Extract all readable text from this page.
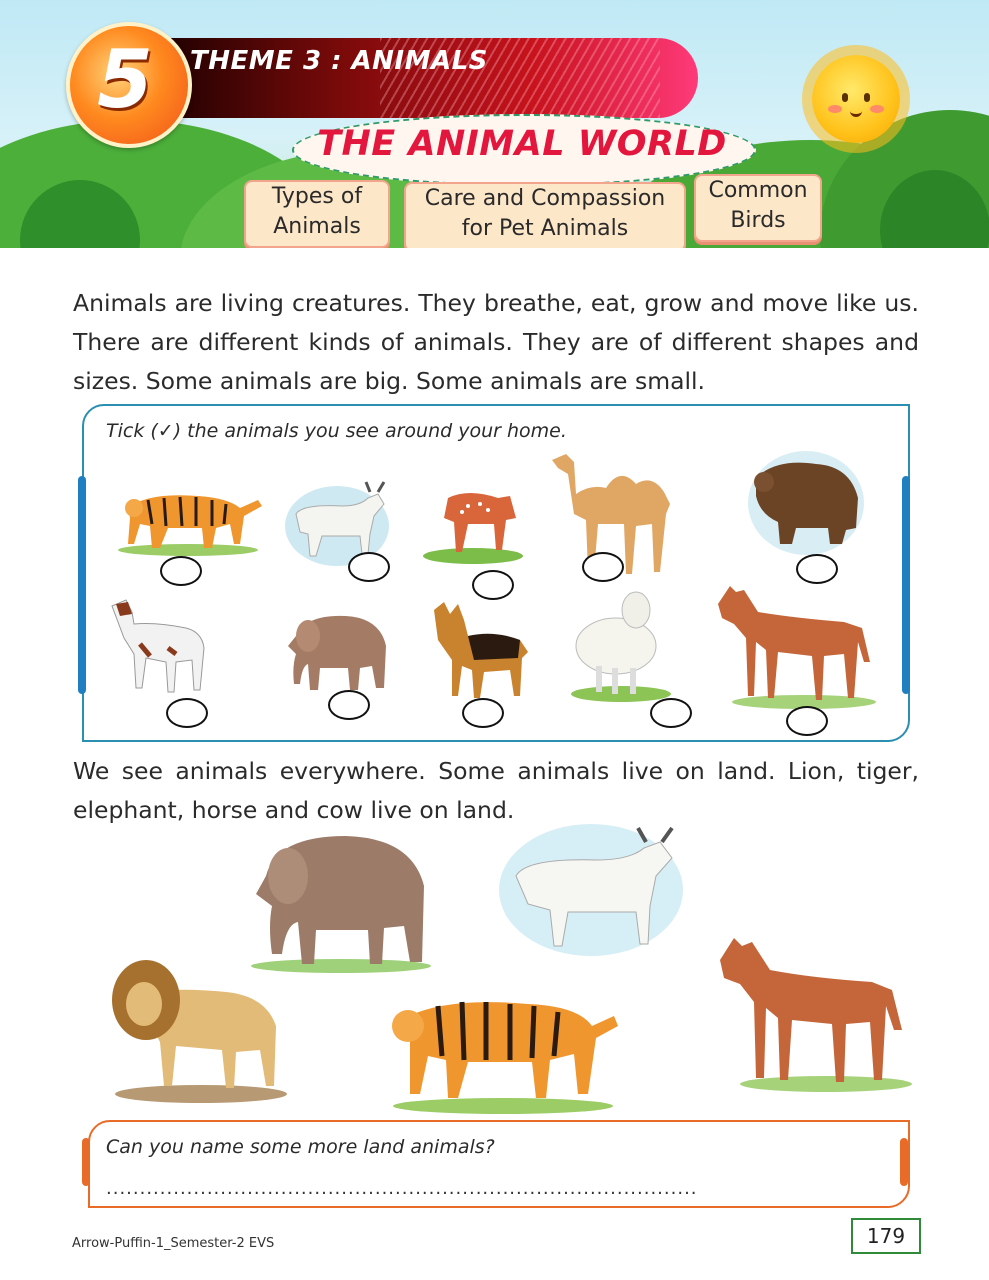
THEME 3 : ANIMALS
5
THE ANIMAL WORLD
Types of
Animals
Care and Compassion
for Pet Animals
Common
Birds
Animals are living creatures. They breathe, eat, grow and move like us. There are different kinds of animals. They are of different shapes and sizes. Some animals are big. Some animals are small.
Tick (✓) the animals you see around your home.
We see animals everywhere. Some animals live on land. Lion, tiger, elephant, horse and cow live on land.
Can you name some more land animals?
........................................................................................
Arrow-Puffin-1_Semester-2 EVS	179
